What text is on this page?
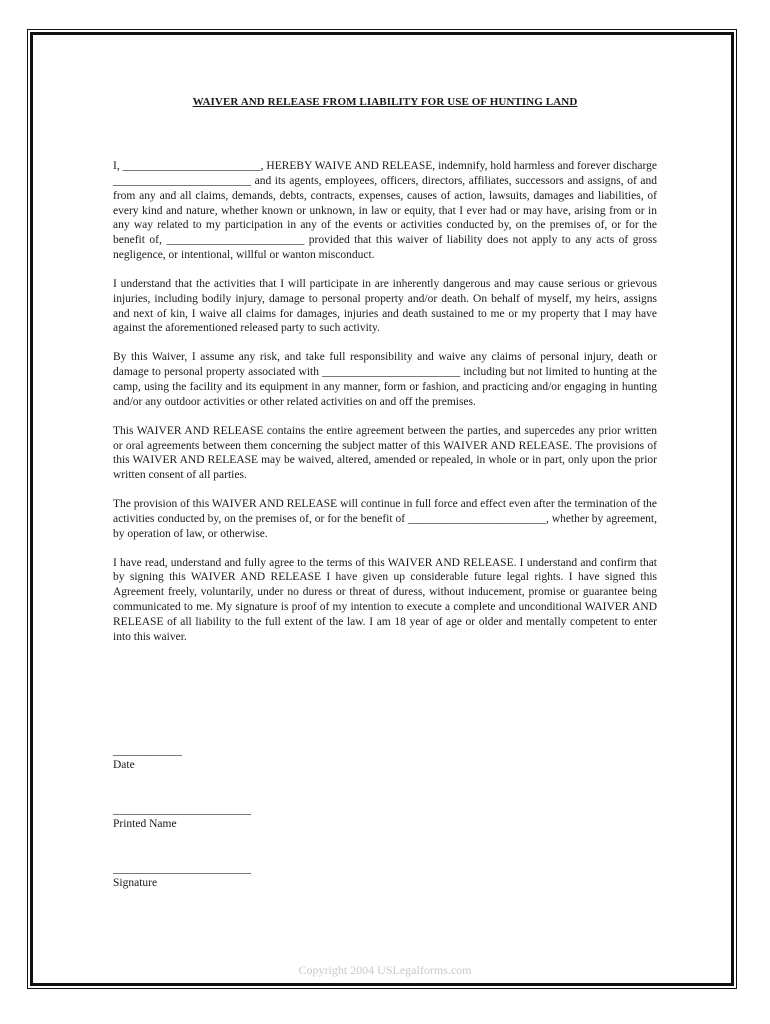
WAIVER AND RELEASE FROM LIABILITY FOR USE OF HUNTING LAND

I, ________________________, HEREBY WAIVE AND RELEASE, indemnify, hold harmless and forever discharge ________________________ and its agents, employees, officers, directors, affiliates, successors and assigns, of and from any and all claims, demands, debts, contracts, expenses, causes of action, lawsuits, damages and liabilities, of every kind and nature, whether known or unknown, in law or equity, that I ever had or may have, arising from or in any way related to my participation in any of the events or activities conducted by, on the premises of, or for the benefit of, ________________________ provided that this waiver of liability does not apply to any acts of gross negligence, or intentional, willful or wanton misconduct.

I understand that the activities that I will participate in are inherently dangerous and may cause serious or grievous injuries, including bodily injury, damage to personal property and/or death. On behalf of myself, my heirs, assigns and next of kin, I waive all claims for damages, injuries and death sustained to me or my property that I may have against the aforementioned released party to such activity.

By this Waiver, I assume any risk, and take full responsibility and waive any claims of personal injury, death or damage to personal property associated with ________________________ including but not limited to hunting at the camp, using the facility and its equipment in any manner, form or fashion, and practicing and/or engaging in hunting and/or any outdoor activities or other related activities on and off the premises.

This WAIVER AND RELEASE contains the entire agreement between the parties, and supercedes any prior written or oral agreements between them concerning the subject matter of this WAIVER AND RELEASE. The provisions of this WAIVER AND RELEASE may be waived, altered, amended or repealed, in whole or in part, only upon the prior written consent of all parties.

The provision of this WAIVER AND RELEASE will continue in full force and effect even after the termination of the activities conducted by, on the premises of, or for the benefit of ________________________, whether by agreement, by operation of law, or otherwise.

I have read, understand and fully agree to the terms of this WAIVER AND RELEASE. I understand and confirm that by signing this WAIVER AND RELEASE I have given up considerable future legal rights. I have signed this Agreement freely, voluntarily, under no duress or threat of duress, without inducement, promise or guarantee being communicated to me. My signature is proof of my intention to execute a complete and unconditional WAIVER AND RELEASE of all liability to the full extent of the law. I am 18 year of age or older and mentally competent to enter into this waiver.

____________
Date
________________________
Printed Name
________________________
Signature
Copyright 2004 USLegalforms.com
